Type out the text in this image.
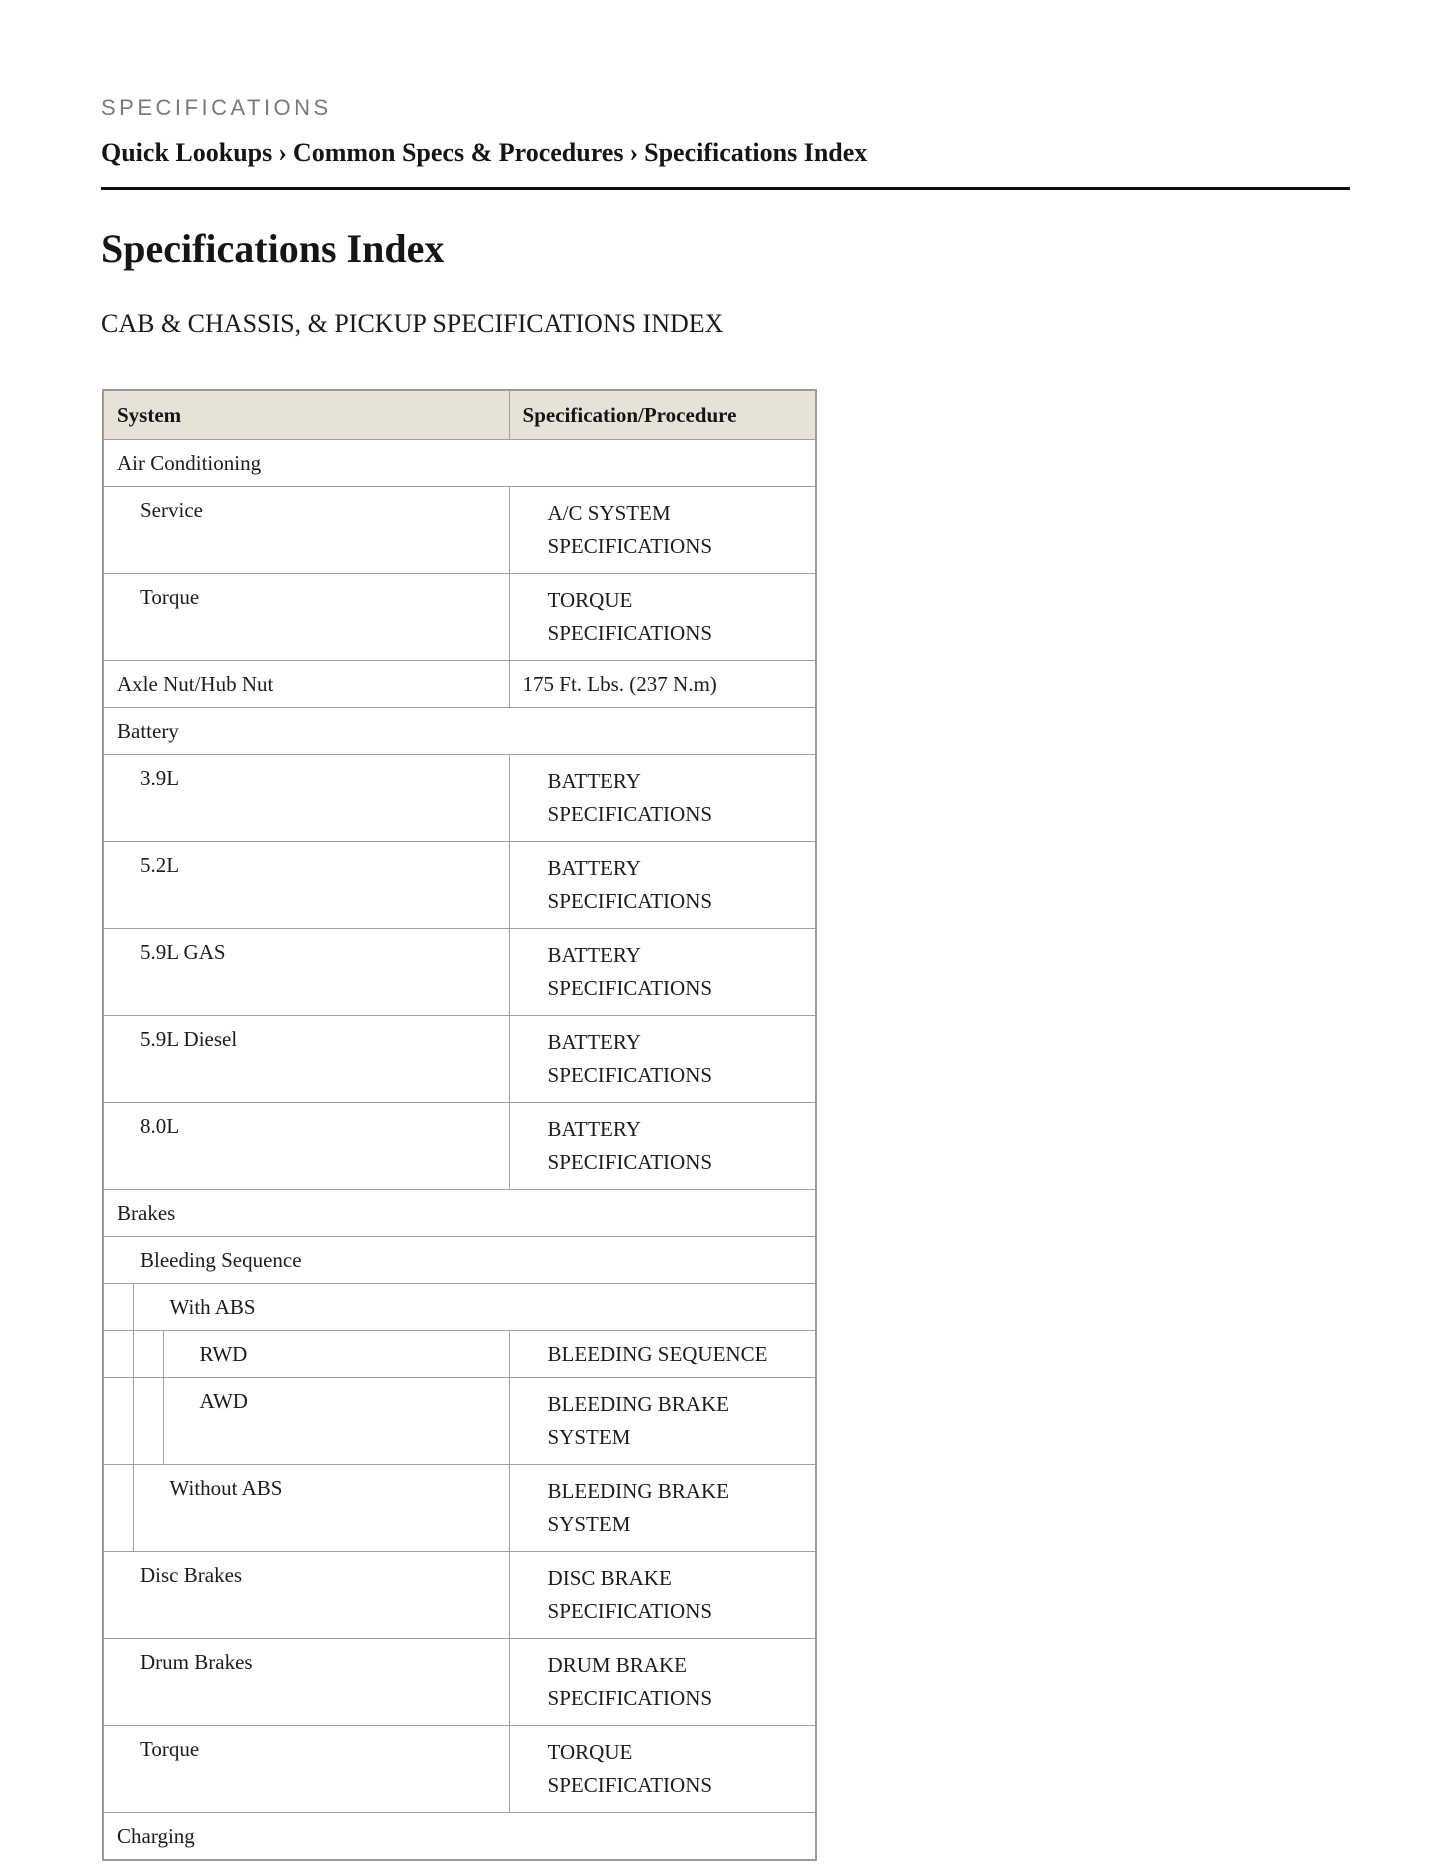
SPECIFICATIONS
Quick Lookups › Common Specs & Procedures › Specifications Index
Specifications Index
CAB & CHASSIS, & PICKUP SPECIFICATIONS INDEX
System			Specification/Procedure
Air Conditioning			
Service			A/C SYSTEM SPECIFICATIONS
Torque			TORQUE SPECIFICATIONS
Axle Nut/Hub Nut			175 Ft. Lbs. (237 N.m)
Battery			
3.9L			BATTERY SPECIFICATIONS
5.2L			BATTERY SPECIFICATIONS
5.9L GAS			BATTERY SPECIFICATIONS
5.9L Diesel			BATTERY SPECIFICATIONS
8.0L			BATTERY SPECIFICATIONS
Brakes			
Bleeding Sequence			
	With ABS		
		RWD	BLEEDING SEQUENCE
		AWD	BLEEDING BRAKE SYSTEM
	Without ABS		BLEEDING BRAKE SYSTEM
Disc Brakes			DISC BRAKE SPECIFICATIONS
Drum Brakes			DRUM BRAKE SPECIFICATIONS
Torque			TORQUE SPECIFICATIONS
Charging			
